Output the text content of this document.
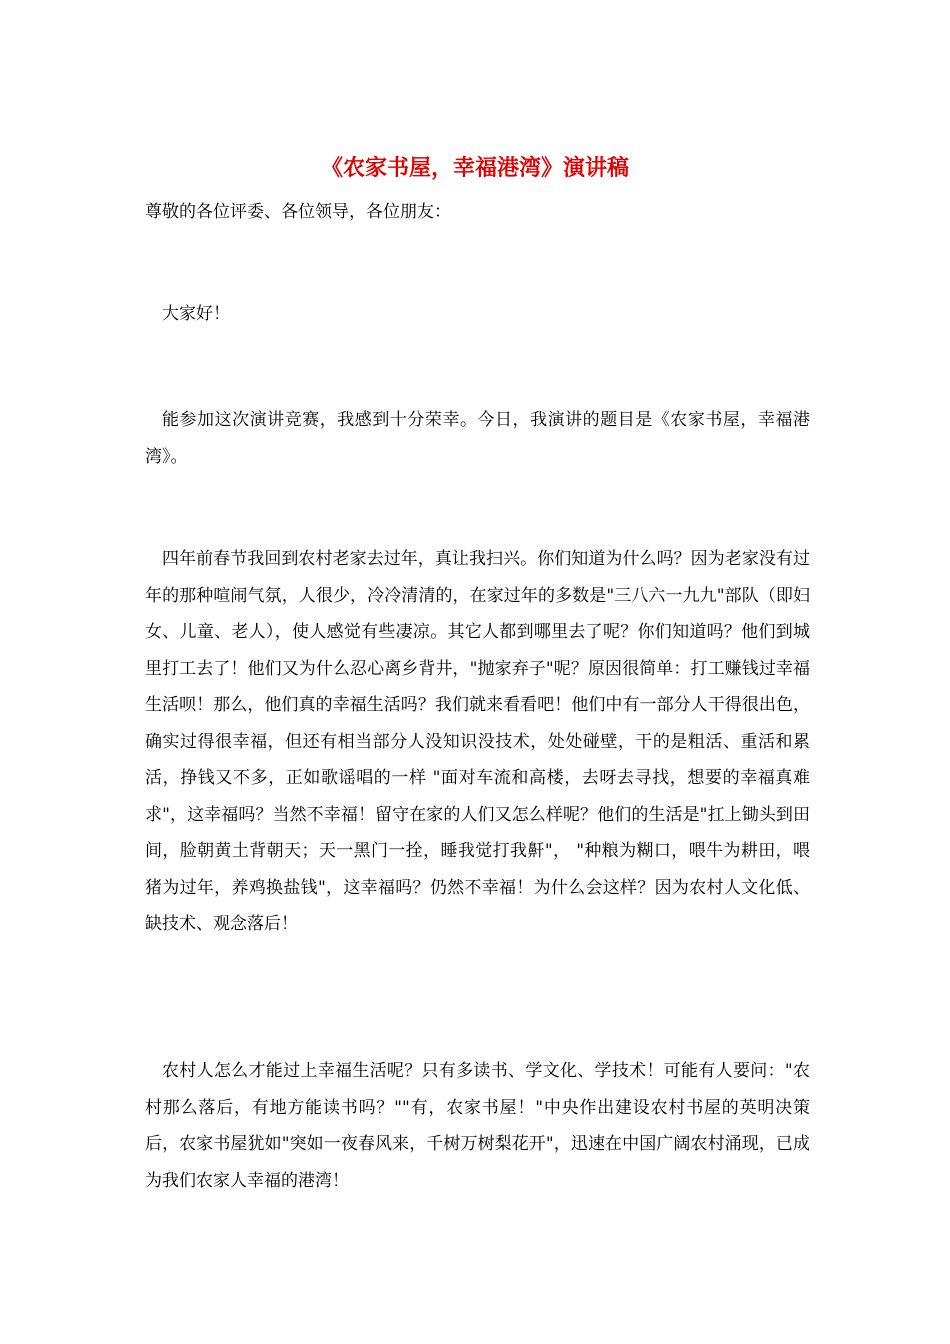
《农家书屋，幸福港湾》演讲稿

尊敬的各位评委、各位领导，各位朋友：

大家好！

能参加这次演讲竞赛，我感到十分荣幸。今日，我演讲的题目是《农家书屋，幸福港湾》。

四年前春节我回到农村老家去过年，真让我扫兴。你们知道为什么吗？因为老家没有过年的那种喧闹气氛，人很少，冷冷清清的，在家过年的多数是"三八六一九九"部队（即妇女、儿童、老人），使人感觉有些凄凉。其它人都到哪里去了呢？你们知道吗？他们到城里打工去了！他们又为什么忍心离乡背井，"抛家弃子"呢？原因很简单：打工赚钱过幸福生活呗！那么，他们真的幸福生活吗？我们就来看看吧！他们中有一部分人干得很出色，确实过得很幸福，但还有相当部分人没知识没技术，处处碰壁，干的是粗活、重活和累活，挣钱又不多，正如歌谣唱的一样 "面对车流和高楼，去呀去寻找，想要的幸福真难求"，这幸福吗？当然不幸福！留守在家的人们又怎么样呢？他们的生活是"扛上锄头到田间，脸朝黄土背朝天；天一黑门一拴，睡我觉打我鼾"， "种粮为糊口，喂牛为耕田，喂猪为过年，养鸡换盐钱"，这幸福吗？仍然不幸福！为什么会这样？因为农村人文化低、缺技术、观念落后！

农村人怎么才能过上幸福生活呢？只有多读书、学文化、学技术！可能有人要问："农村那么落后，有地方能读书吗？""有，农家书屋！"中央作出建设农村书屋的英明决策后，农家书屋犹如"突如一夜春风来，千树万树梨花开"，迅速在中国广阔农村涌现，已成为我们农家人幸福的港湾！
